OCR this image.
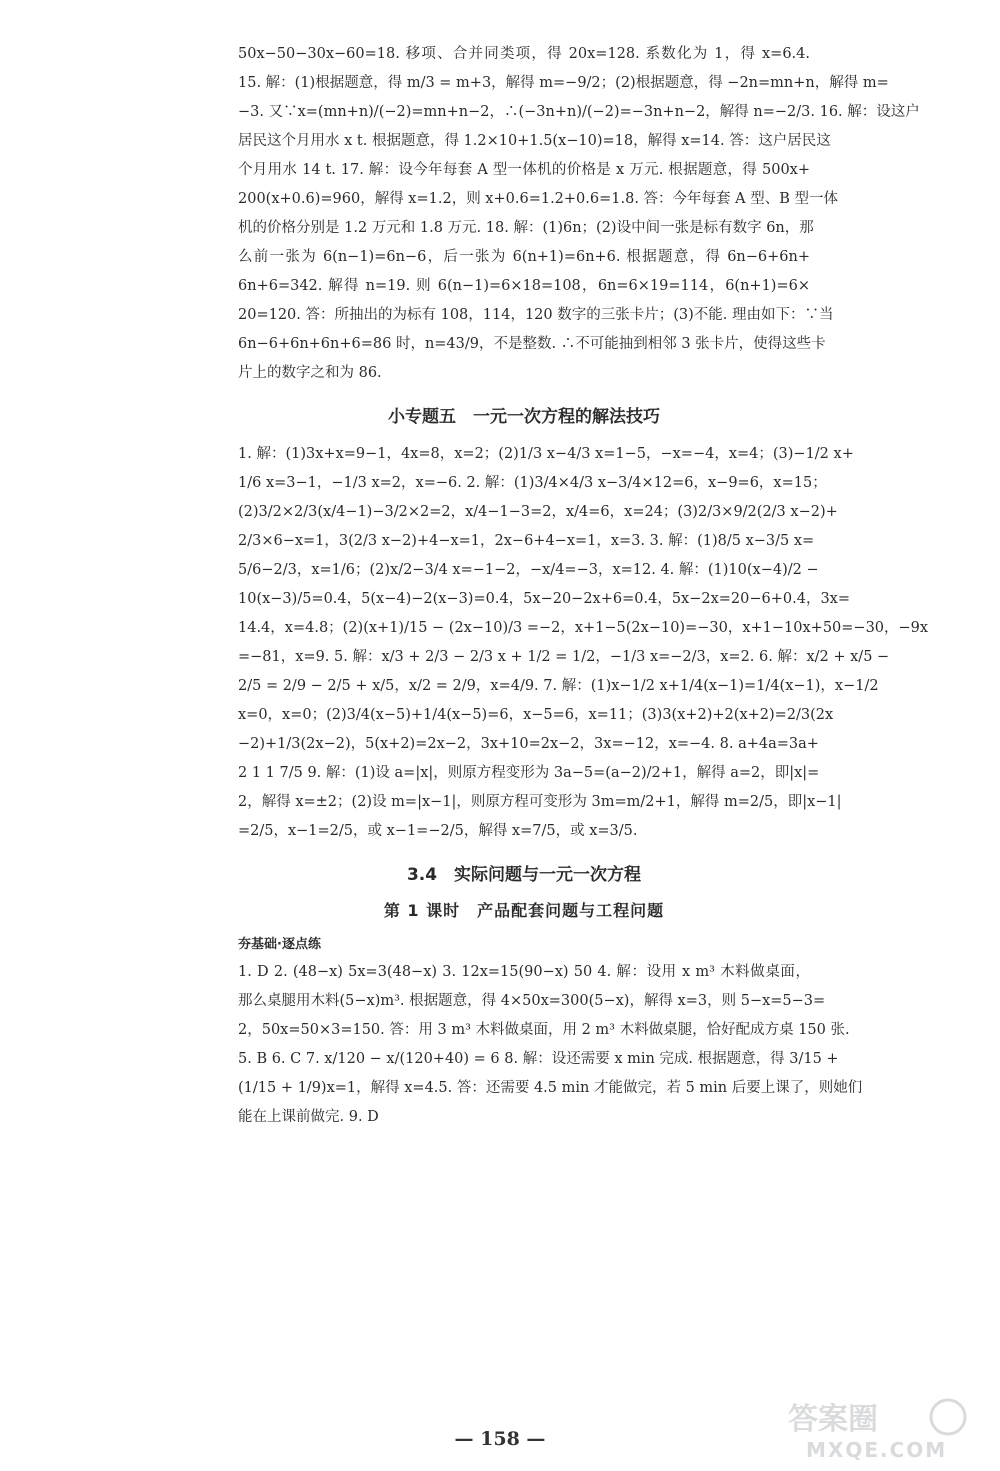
50x−50−30x−60=18. 移项、合并同类项，得 20x=128. 系数化为 1，得 x=6.4.
15. 解：(1)根据题意，得 m/3 = m+3，解得 m=−9/2；(2)根据题意，得 −2n=mn+n，解得 m=
−3. 又∵x=(mn+n)/(−2)=mn+n−2，∴(−3n+n)/(−2)=−3n+n−2，解得 n=−2/3. 16. 解：设这户
居民这个月用水 x t. 根据题意，得 1.2×10+1.5(x−10)=18，解得 x=14. 答：这户居民这
个月用水 14 t. 17. 解：设今年每套 A 型一体机的价格是 x 万元. 根据题意，得 500x+
200(x+0.6)=960，解得 x=1.2，则 x+0.6=1.2+0.6=1.8. 答：今年每套 A 型、B 型一体
机的价格分别是 1.2 万元和 1.8 万元. 18. 解：(1)6n；(2)设中间一张是标有数字 6n，那
么前一张为 6(n−1)=6n−6，后一张为 6(n+1)=6n+6. 根据题意，得 6n−6+6n+
6n+6=342. 解得 n=19. 则 6(n−1)=6×18=108，6n=6×19=114，6(n+1)=6×
20=120. 答：所抽出的为标有 108，114，120 数字的三张卡片；(3)不能. 理由如下：∵当
6n−6+6n+6n+6=86 时，n=43/9，不是整数. ∴不可能抽到相邻 3 张卡片，使得这些卡
片上的数字之和为 86.
小专题五　一元一次方程的解法技巧
1. 解：(1)3x+x=9−1，4x=8，x=2；(2)1/3 x−4/3 x=1−5，−x=−4，x=4；(3)−1/2 x+
1/6 x=3−1，−1/3 x=2，x=−6. 2. 解：(1)3/4×4/3 x−3/4×12=6，x−9=6，x=15；
(2)3/2×2/3(x/4−1)−3/2×2=2，x/4−1−3=2，x/4=6，x=24；(3)2/3×9/2(2/3 x−2)+
2/3×6−x=1，3(2/3 x−2)+4−x=1，2x−6+4−x=1，x=3. 3. 解：(1)8/5 x−3/5 x=
5/6−2/3，x=1/6；(2)x/2−3/4 x=−1−2，−x/4=−3，x=12. 4. 解：(1)10(x−4)/2 −
10(x−3)/5=0.4，5(x−4)−2(x−3)=0.4，5x−20−2x+6=0.4，5x−2x=20−6+0.4，3x=
14.4，x=4.8；(2)(x+1)/15 − (2x−10)/3 =−2，x+1−5(2x−10)=−30，x+1−10x+50=−30，−9x
=−81，x=9. 5. 解：x/3 + 2/3 − 2/3 x + 1/2 = 1/2，−1/3 x=−2/3，x=2. 6. 解：x/2 + x/5 −
2/5 = 2/9 − 2/5 + x/5，x/2 = 2/9，x=4/9. 7. 解：(1)x−1/2 x+1/4(x−1)=1/4(x−1)，x−1/2
x=0，x=0；(2)3/4(x−5)+1/4(x−5)=6，x−5=6，x=11；(3)3(x+2)+2(x+2)=2/3(2x
−2)+1/3(2x−2)，5(x+2)=2x−2，3x+10=2x−2，3x=−12，x=−4. 8. a+4a=3a+
2 1 1 7/5 9. 解：(1)设 a=|x|，则原方程变形为 3a−5=(a−2)/2+1，解得 a=2，即|x|=
2，解得 x=±2；(2)设 m=|x−1|，则原方程可变形为 3m=m/2+1，解得 m=2/5，即|x−1|
=2/5，x−1=2/5，或 x−1=−2/5，解得 x=7/5，或 x=3/5.
3.4　实际问题与一元一次方程
第 1 课时　产品配套问题与工程问题
夯基础·逐点练
1. D 2. (48−x) 5x=3(48−x) 3. 12x=15(90−x) 50 4. 解：设用 x m³ 木料做桌面，
那么桌腿用木料(5−x)m³. 根据题意，得 4×50x=300(5−x)，解得 x=3，则 5−x=5−3=
2，50x=50×3=150. 答：用 3 m³ 木料做桌面，用 2 m³ 木料做桌腿，恰好配成方桌 150 张.
5. B 6. C 7. x/120 − x/(120+40) = 6 8. 解：设还需要 x min 完成. 根据题意，得 3/15 +
(1/15 + 1/9)x=1，解得 x=4.5. 答：还需要 4.5 min 才能做完，若 5 min 后要上课了，则她们
能在上课前做完. 9. D
— 158 —
答案圈
MXQE.COM
